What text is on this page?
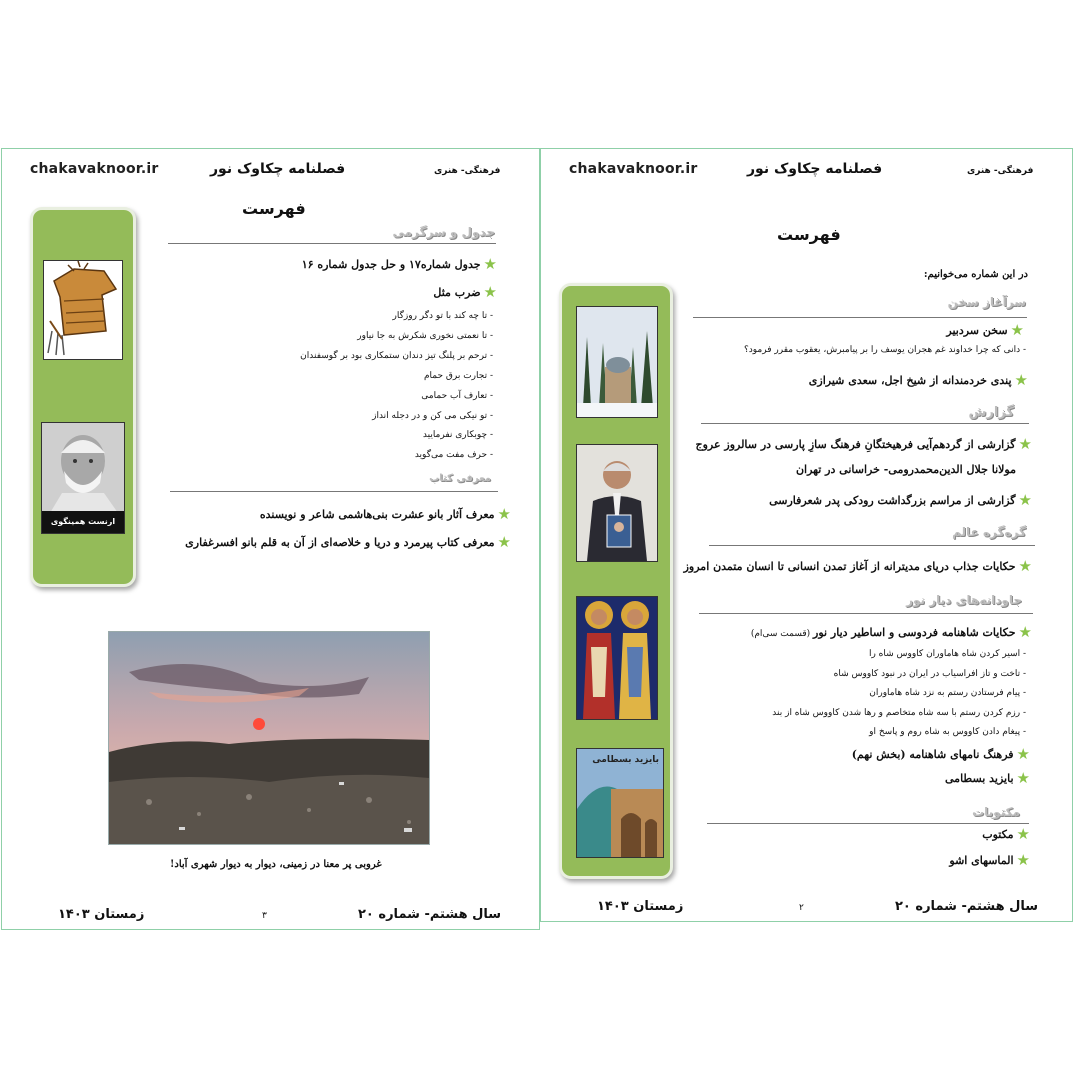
chakavaknoor.ir	فصلنامه چکاوک نور	فرهنگی- هنری
فهرست
ارنست همینگوی
جدول و سرگرمی
★جدول شماره۱۷ و حل جدول شماره ۱۶
★ضرب مثل
- تا چه کند با تو دگر روزگار
- تا نعمتی نخوری شکرش به جا نیاور
- ترحم بر پلنگ تیز دندان ستمکاری بود بر گوسفندان
- تجارت برق حمام
- تعارف آب حمامی
- تو نیکی می کن و در دجله انداز
- چوبکاری نفرمایید
- حرف مفت می‌گوید
معرفی کتاب
★معرف آثار بانو عشرت بنی‌هاشمی شاعر و نویسنده
★معرفی کتاب پیرمرد و دریا و خلاصه‌ای از آن به قلم بانو افسرغفاری
غروبی پر معنا در زمینی، دیوار به دیوار شهری آباد!
سال هشتم- شماره ۲۰
۳
زمستان ۱۴۰۳
chakavaknoor.ir	فصلنامه چکاوک نور	فرهنگی- هنری
فهرست
در این شماره می‌خوانیم:
بایزید بسطامی
سرآغاز سخن
★سخن سردبیر
- دانی که چرا خداوند غم هجران یوسف را بر پیامبرش، یعقوب مقرر فرمود؟
★پندی خردمندانه از شیخ اجل، سعدی شیرازی
گزارش
★گزارشی از گردهم‌آیی فرهیختگانِ فرهنگ سازِ پارسی در سالروز عروج
مولانا جلال الدین‌محمدرومی- خراسانی در تهران
★گزارشی از مراسم بزرگداشت رودکی پدر شعرفارسی
گره‌گره عالم
★حکایات جذاب دریای مدیترانه از آغاز تمدن انسانی تا انسان متمدن امروز
جاودانه‌های دیار نور
★حکایات شاهنامه فردوسی و اساطیر دیار نور (قسمت سی‌ام)
- اسیر کردن شاه هاماوران کاووس شاه را
- تاخت و تاز افراسیاب در ایران در نبود کاووس شاه
- پیام فرستادن رستم به نزد شاه هاماوران
- رزم کردن رستم با سه شاه متخاصم و رها شدن کاووس شاه از بند
- پیغام دادن کاووس به شاه روم و پاسخ او
★فرهنگ نامهای شاهنامه (بخش نهم)
★بایزید بسطامی
مکتوبات
★مکتوب
★الماسهای اشو
سال هشتم- شماره ۲۰
۲
زمستان ۱۴۰۳
